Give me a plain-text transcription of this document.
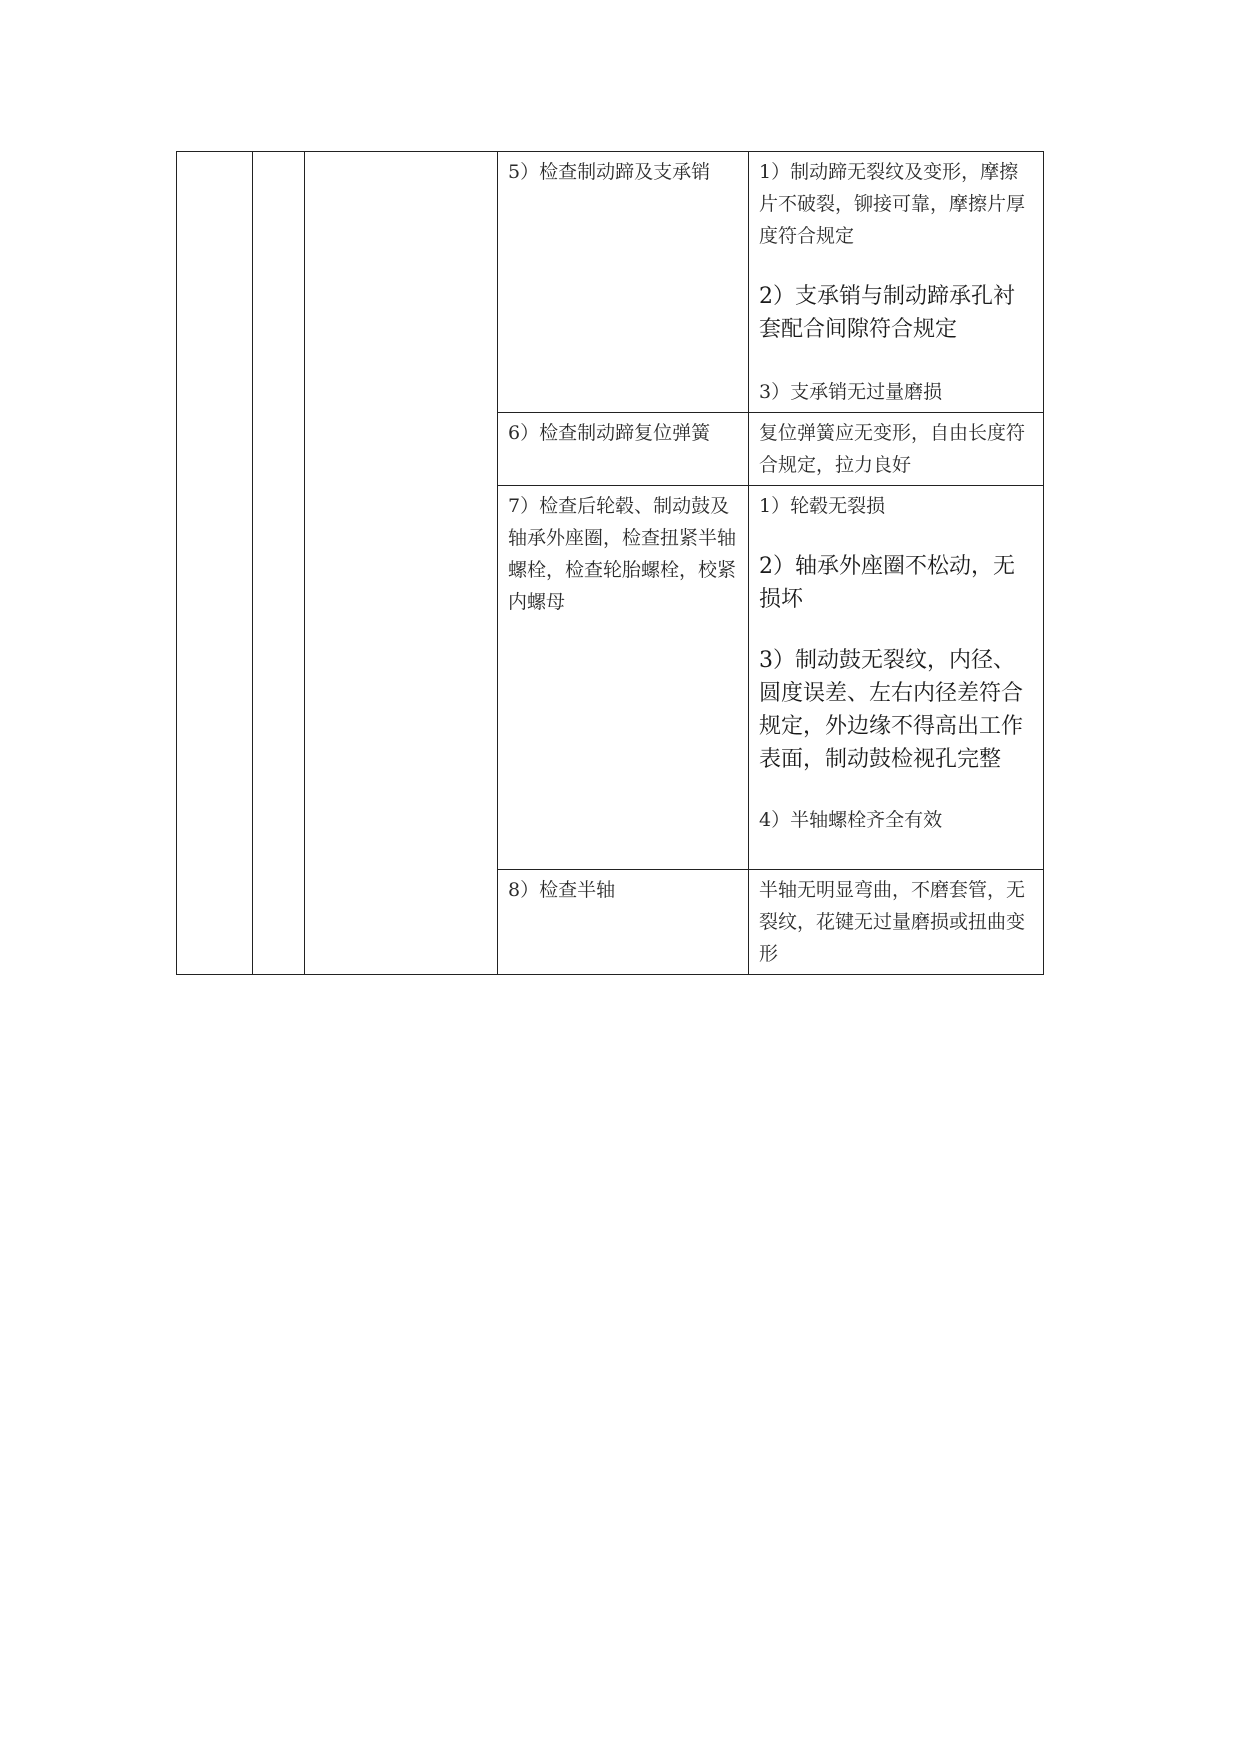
			5）检查制动蹄及支承销	1）制动蹄无裂纹及变形，摩擦片不破裂，铆接可靠，摩擦片厚度符合规定
2）支承销与制动蹄承孔衬套配合间隙符合规定
3）支承销无过量磨损

			6）检查制动蹄复位弹簧	复位弹簧应无变形，自由长度符合规定，拉力良好

			7）检查后轮毂、制动鼓及轴承外座圈，检查扭紧半轴螺栓，检查轮胎螺栓，校紧内螺母	1）轮毂无裂损
2）轴承外座圈不松动，无损坏
3）制动鼓无裂纹，内径、圆度误差、左右内径差符合规定，外边缘不得高出工作表面，制动鼓检视孔完整
4）半轴螺栓齐全有效

			8）检查半轴	半轴无明显弯曲，不磨套管，无裂纹，花键无过量磨损或扭曲变形
